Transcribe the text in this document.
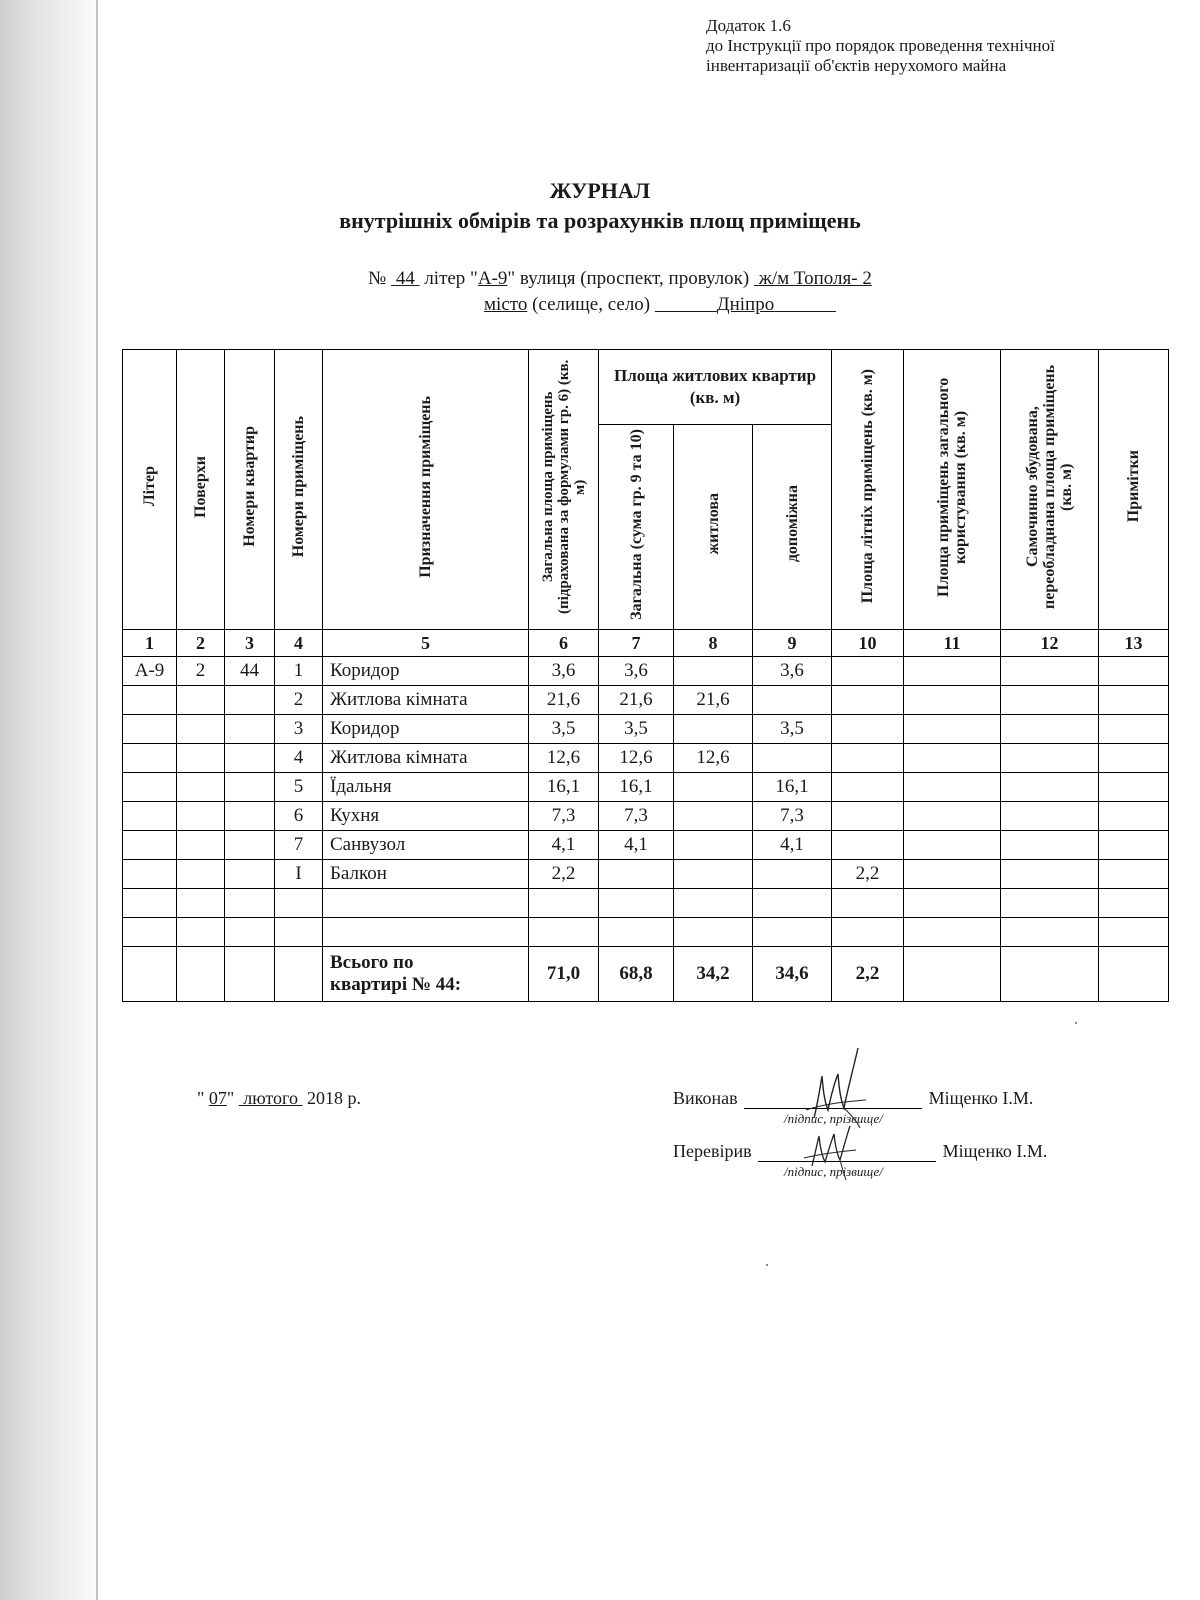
Додаток 1.6
до Інструкції про порядок проведення технічної
інвентаризації об'єктів нерухомого майна
ЖУРНАЛ
внутрішніх обмірів та розрахунків площ приміщень
№ 44 літер "А-9" вулиця (проспект, провулок) ж/м Тополя- 2
місто (селище, село)	Дніпро
Літер	Поверхи	Номери квартир	Номери приміщень	Призначення приміщень	Загальна площа приміщень (підрахована за формулами гр. 6) (кв. м)	Площа житлових квартир (кв. м)			Площа літніх приміщень (кв. м)	Площа приміщень загального користування (кв. м)	Самочинно збудована, переобладнана площа приміщень (кв. м)	Примітки
						Загальна (сума гр. 9 та 10)	житлова	допоміжна				
1	2	3	4	5	6	7	8	9	10	11	12	13
А-9	2	44	1	Коридор	3,6	3,6		3,6				
			2	Житлова кімната	21,6	21,6	21,6					
			3	Коридор	3,5	3,5		3,5				
			4	Житлова кімната	12,6	12,6	12,6					
			5	Їдальня	16,1	16,1		16,1				
			6	Кухня	7,3	7,3		7,3				
			7	Санвузол	4,1	4,1		4,1				
			I	Балкон	2,2				2,2			

				Всього по
квартирі № 44:	71,0	68,8	34,2	34,6	2,2			
" 07"  лютого  2018 р.	Виконав	Міщенко І.М.
/підпис, прізвище/
Перевірив	Міщенко І.М.
/підпис, прізвище/
